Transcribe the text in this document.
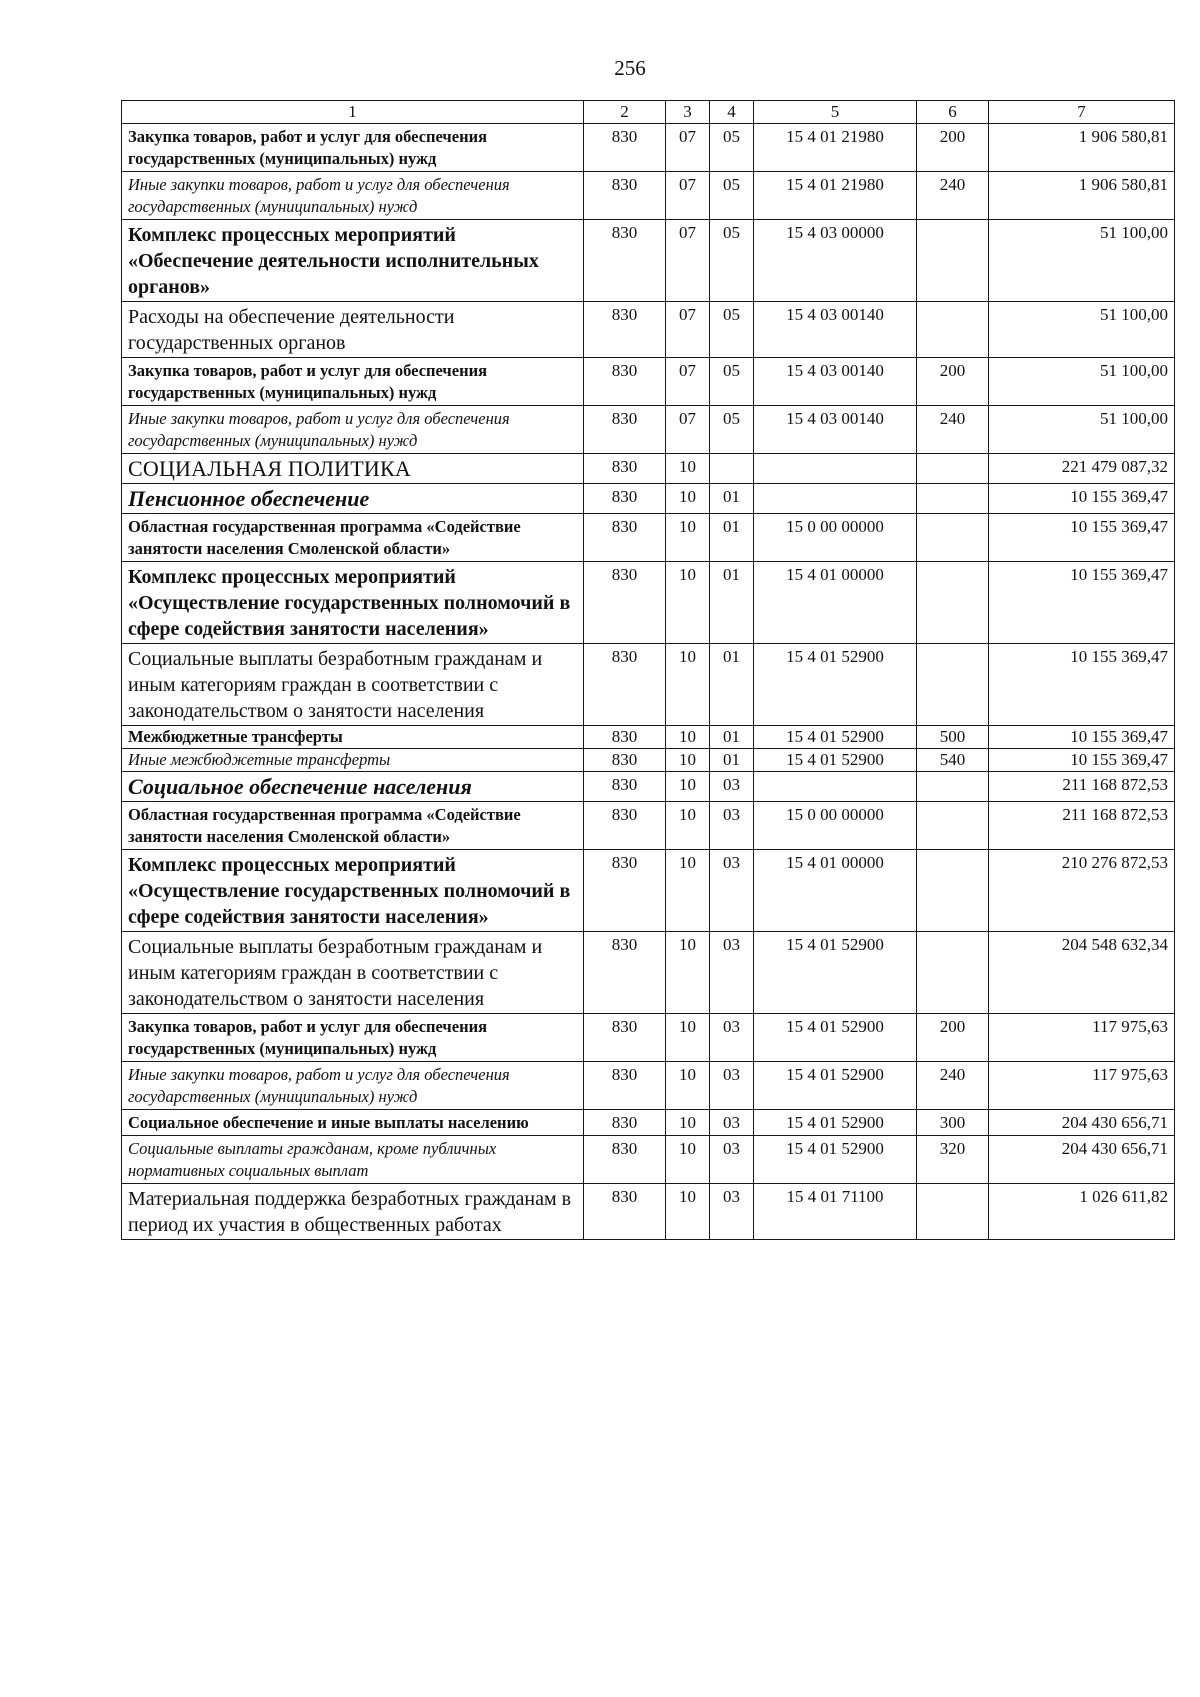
256
1	2	3	4	5	6	7
Закупка товаров, работ и услуг для обеспечения государственных (муниципальных) нужд	830	07	05	15 4 01 21980	200	1 906 580,81
Иные закупки товаров, работ и услуг для обеспечения государственных (муниципальных) нужд	830	07	05	15 4 01 21980	240	1 906 580,81
Комплекс процессных мероприятий «Обеспечение деятельности исполнительных органов»	830	07	05	15 4 03 00000		51 100,00
Расходы на обеспечение деятельности государственных органов	830	07	05	15 4 03 00140		51 100,00
Закупка товаров, работ и услуг для обеспечения государственных (муниципальных) нужд	830	07	05	15 4 03 00140	200	51 100,00
Иные закупки товаров, работ и услуг для обеспечения государственных (муниципальных) нужд	830	07	05	15 4 03 00140	240	51 100,00
СОЦИАЛЬНАЯ ПОЛИТИКА	830	10				221 479 087,32
Пенсионное обеспечение	830	10	01			10 155 369,47
Областная государственная программа «Содействие занятости населения Смоленской области»	830	10	01	15 0 00 00000		10 155 369,47
Комплекс процессных мероприятий «Осуществление государственных полномочий в сфере содействия занятости населения»	830	10	01	15 4 01 00000		10 155 369,47
Социальные выплаты безработным гражданам и иным категориям граждан в соответствии с законодательством о занятости населения	830	10	01	15 4 01 52900		10 155 369,47
Межбюджетные трансферты	830	10	01	15 4 01 52900	500	10 155 369,47
Иные межбюджетные трансферты	830	10	01	15 4 01 52900	540	10 155 369,47
Социальное обеспечение населения	830	10	03			211 168 872,53
Областная государственная программа «Содействие занятости населения Смоленской области»	830	10	03	15 0 00 00000		211 168 872,53
Комплекс процессных мероприятий «Осуществление государственных полномочий в сфере содействия занятости населения»	830	10	03	15 4 01 00000		210 276 872,53
Социальные выплаты безработным гражданам и иным категориям граждан в соответствии с законодательством о занятости населения	830	10	03	15 4 01 52900		204 548 632,34
Закупка товаров, работ и услуг для обеспечения государственных (муниципальных) нужд	830	10	03	15 4 01 52900	200	117 975,63
Иные закупки товаров, работ и услуг для обеспечения государственных (муниципальных) нужд	830	10	03	15 4 01 52900	240	117 975,63
Социальное обеспечение и иные выплаты населению	830	10	03	15 4 01 52900	300	204 430 656,71
Социальные выплаты гражданам, кроме публичных нормативных социальных выплат	830	10	03	15 4 01 52900	320	204 430 656,71
Материальная поддержка безработных гражданам в период их участия в общественных работах	830	10	03	15 4 01 71100		1 026 611,82
